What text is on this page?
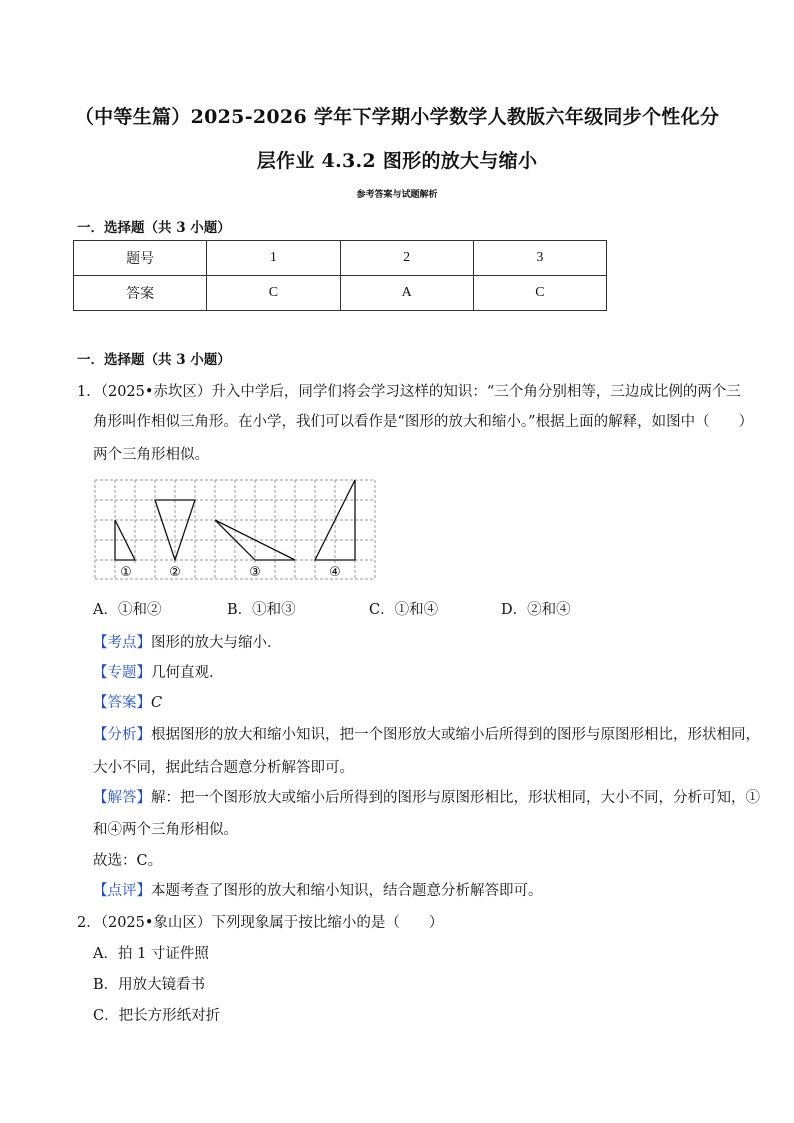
（中等生篇）2025-2026 学年下学期小学数学人教版六年级同步个性化分
层作业 4.3.2 图形的放大与缩小
参考答案与试题解析
一．选择题（共 3 小题）
题号	1	2	3
答案	C	A	C
一．选择题（共 3 小题）
1．（2025•赤坎区）升入中学后，同学们将会学习这样的知识：“三个角分别相等，三边成比例的两个三
角形叫作相似三角形。在小学，我们可以看作是“图形的放大和缩小。”根据上面的解释，如图中（　　）
两个三角形相似。
①	②	③	④
A．①和②	B．①和③	C．①和④	D．②和④
【考点】图形的放大与缩小．
【专题】几何直观．
【答案】C
【分析】根据图形的放大和缩小知识，把一个图形放大或缩小后所得到的图形与原图形相比，形状相同，
大小不同，据此结合题意分析解答即可。
【解答】解：把一个图形放大或缩小后所得到的图形与原图形相比，形状相同，大小不同，分析可知，①
和④两个三角形相似。
故选：C。
【点评】本题考查了图形的放大和缩小知识，结合题意分析解答即可。
2．（2025•象山区）下列现象属于按比缩小的是（　　）
A．拍 1 寸证件照
B．用放大镜看书
C．把长方形纸对折
